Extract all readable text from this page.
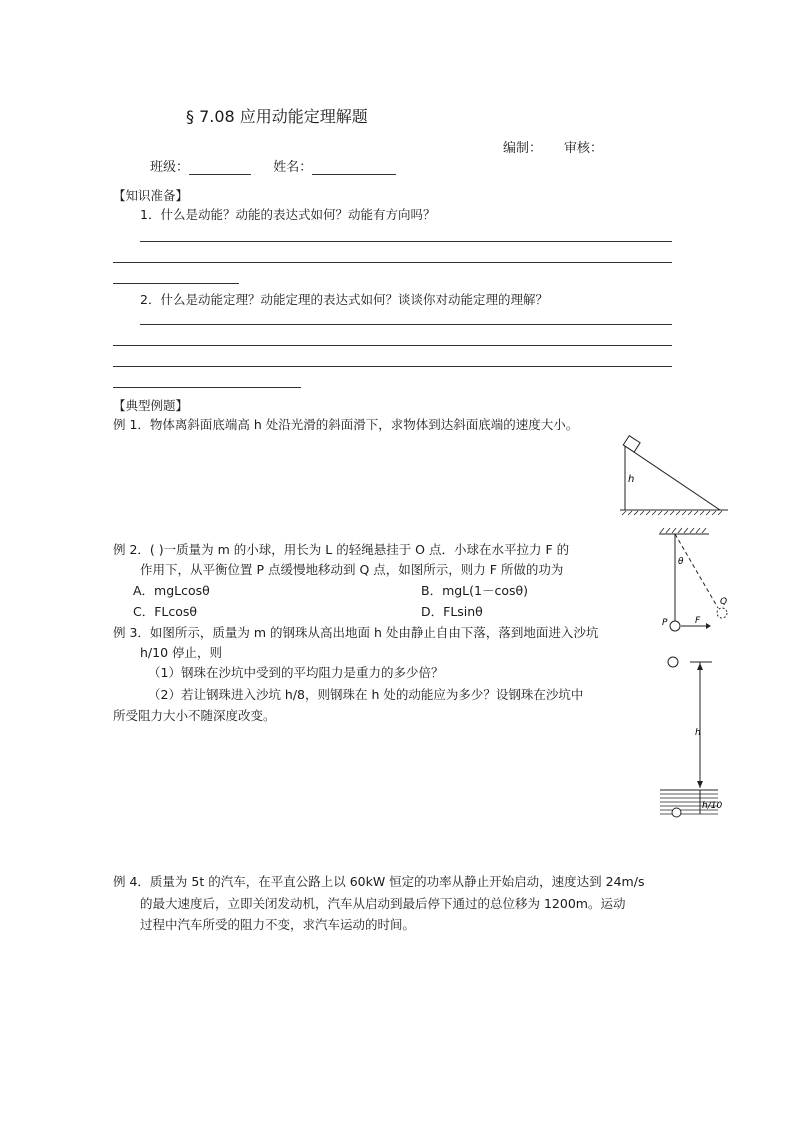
§ 7.08 应用动能定理解题
编制： 审核：
班级：	姓名：
【知识准备】
1．什么是动能？动能的表达式如何？动能有方向吗？
2．什么是动能定理？动能定理的表达式如何？谈谈你对动能定理的理解？
【典型例题】
例 1．物体离斜面底端高 h 处沿光滑的斜面滑下，求物体到达斜面底端的速度大小。
h
例 2．( )一质量为 m 的小球，用长为 L 的轻绳悬挂于 O 点．小球在水平拉力 F 的
作用下，从平衡位置 P 点缓慢地移动到 Q 点，如图所示，则力 F 所做的功为
A．mgLcosθ	B．mgL(1－cosθ)
C．FLcosθ	D．FLsinθ
θ
P
Q
F
例 3．如图所示，质量为 m 的钢珠从高出地面 h 处由静止自由下落，落到地面进入沙坑
h/10 停止，则
（1）钢珠在沙坑中受到的平均阻力是重力的多少倍？
（2）若让钢珠进入沙坑 h/8，则钢珠在 h 处的动能应为多少？设钢珠在沙坑中
所受阻力大小不随深度改变。
h
h/10
例 4．质量为 5t 的汽车，在平直公路上以 60kW 恒定的功率从静止开始启动，速度达到 24m/s
的最大速度后，立即关闭发动机，汽车从启动到最后停下通过的总位移为 1200m。运动
过程中汽车所受的阻力不变，求汽车运动的时间。
